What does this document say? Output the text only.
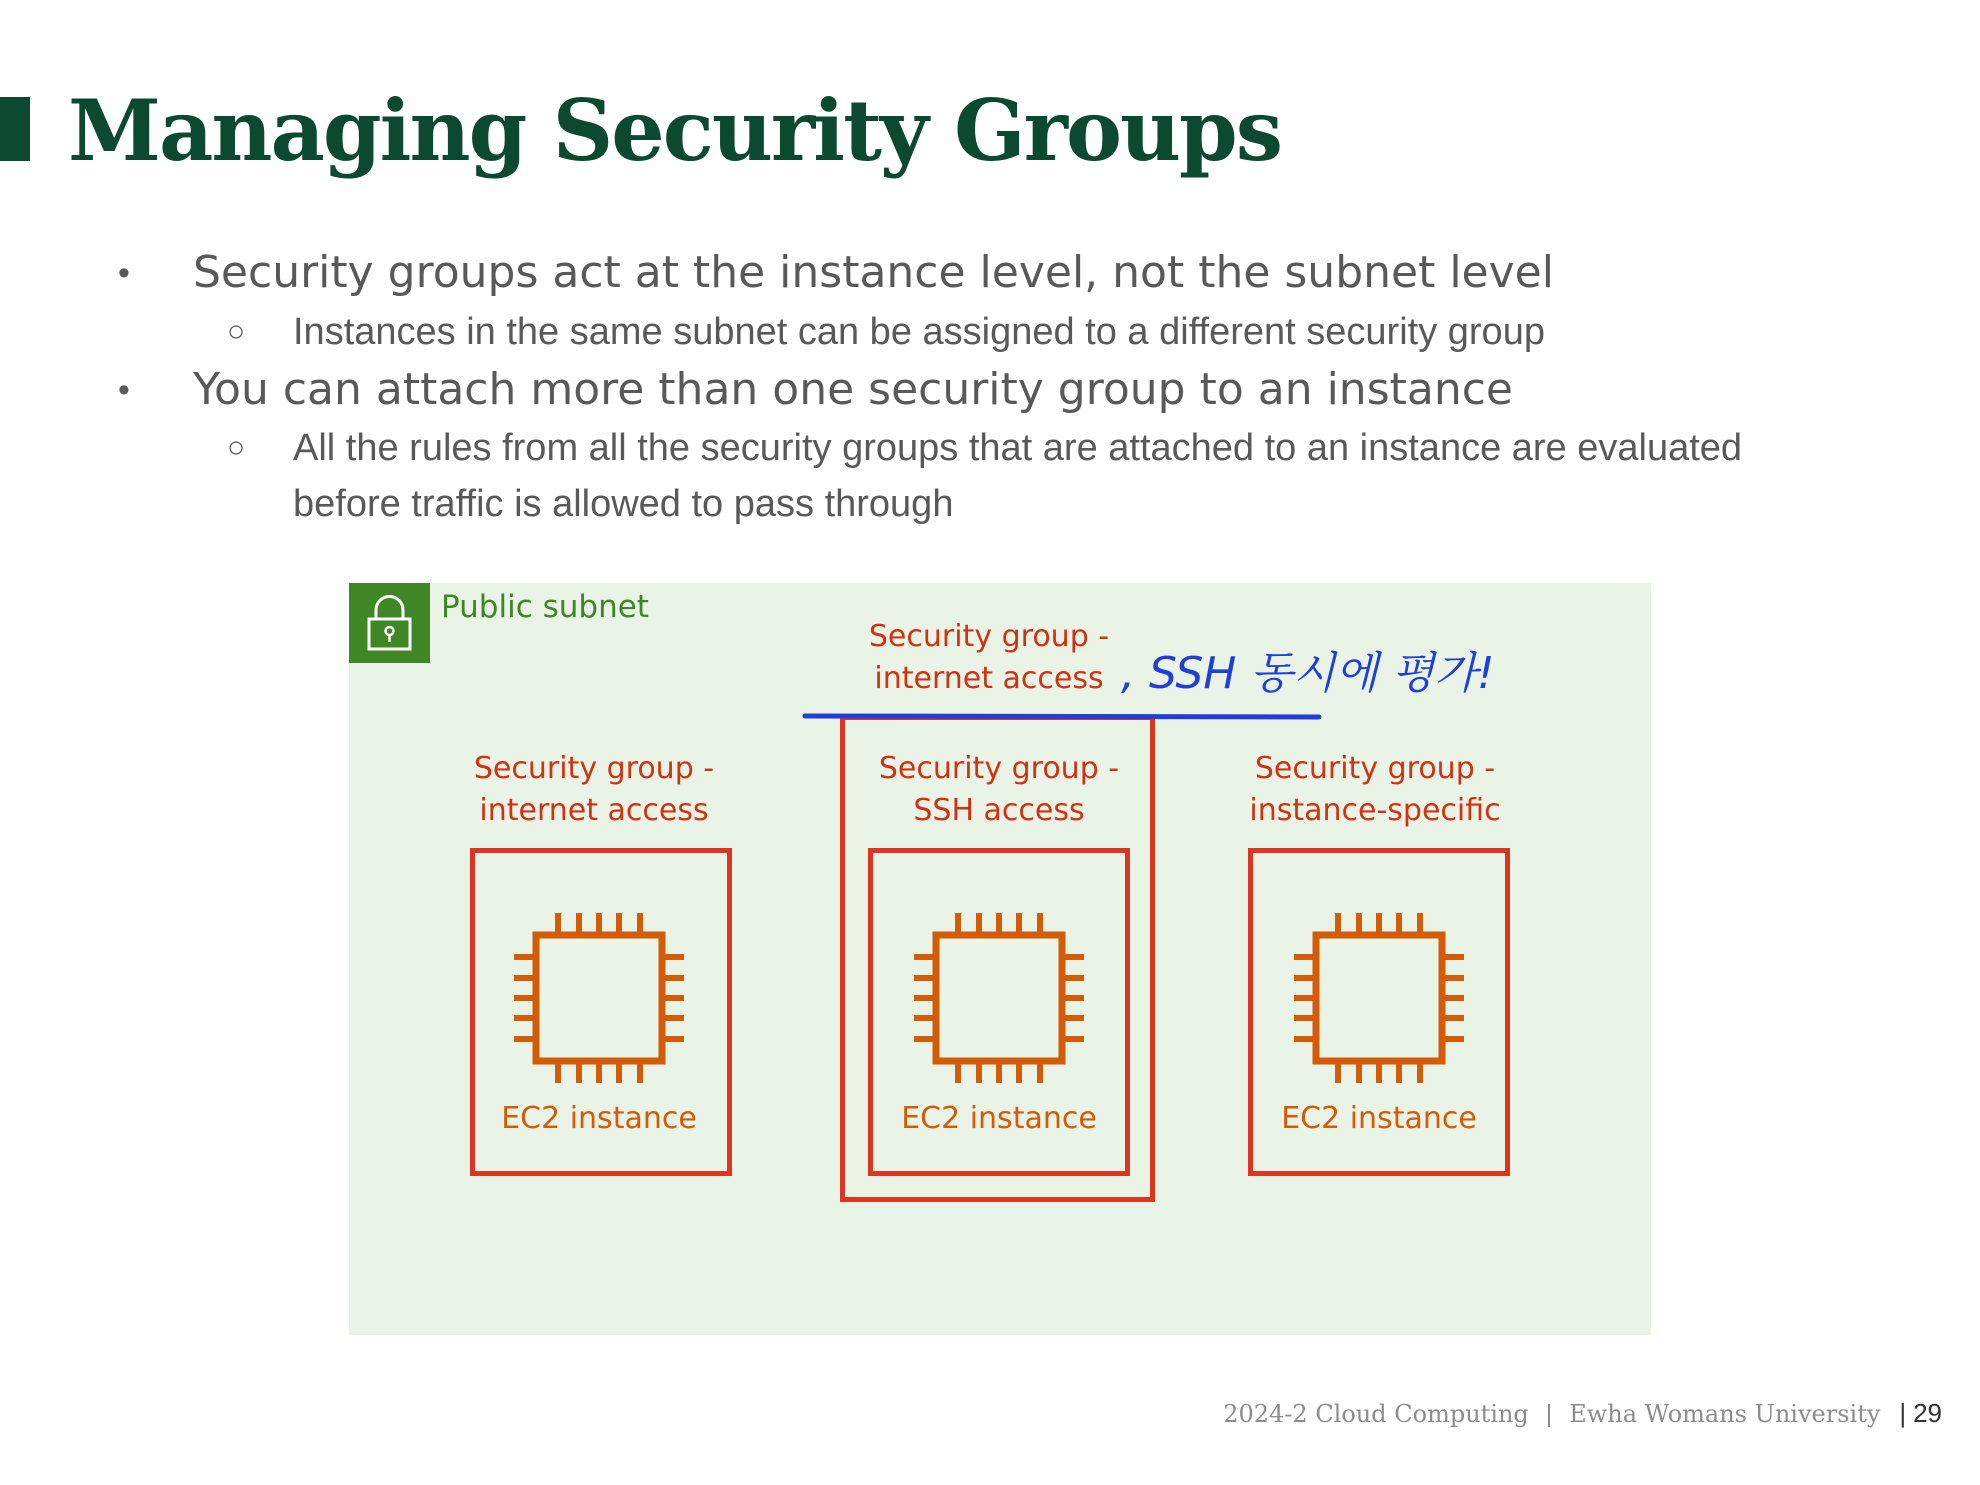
Managing Security Groups
• Security groups act at the instance level, not the subnet level
○ Instances in the same subnet can be assigned to a different security group
• You can attach more than one security group to an instance
○ All the rules from all the security groups that are attached to an instance are evaluated
before traffic is allowed to pass through
Public subnet
Security group -
internet access
Security group -
internet access
EC2 instance
Security group -
SSH access
EC2 instance
Security group -
instance-specific
EC2 instance
, SSH 동시에 평가!
2024-2 Cloud Computing | Ewha Womans University | 29
